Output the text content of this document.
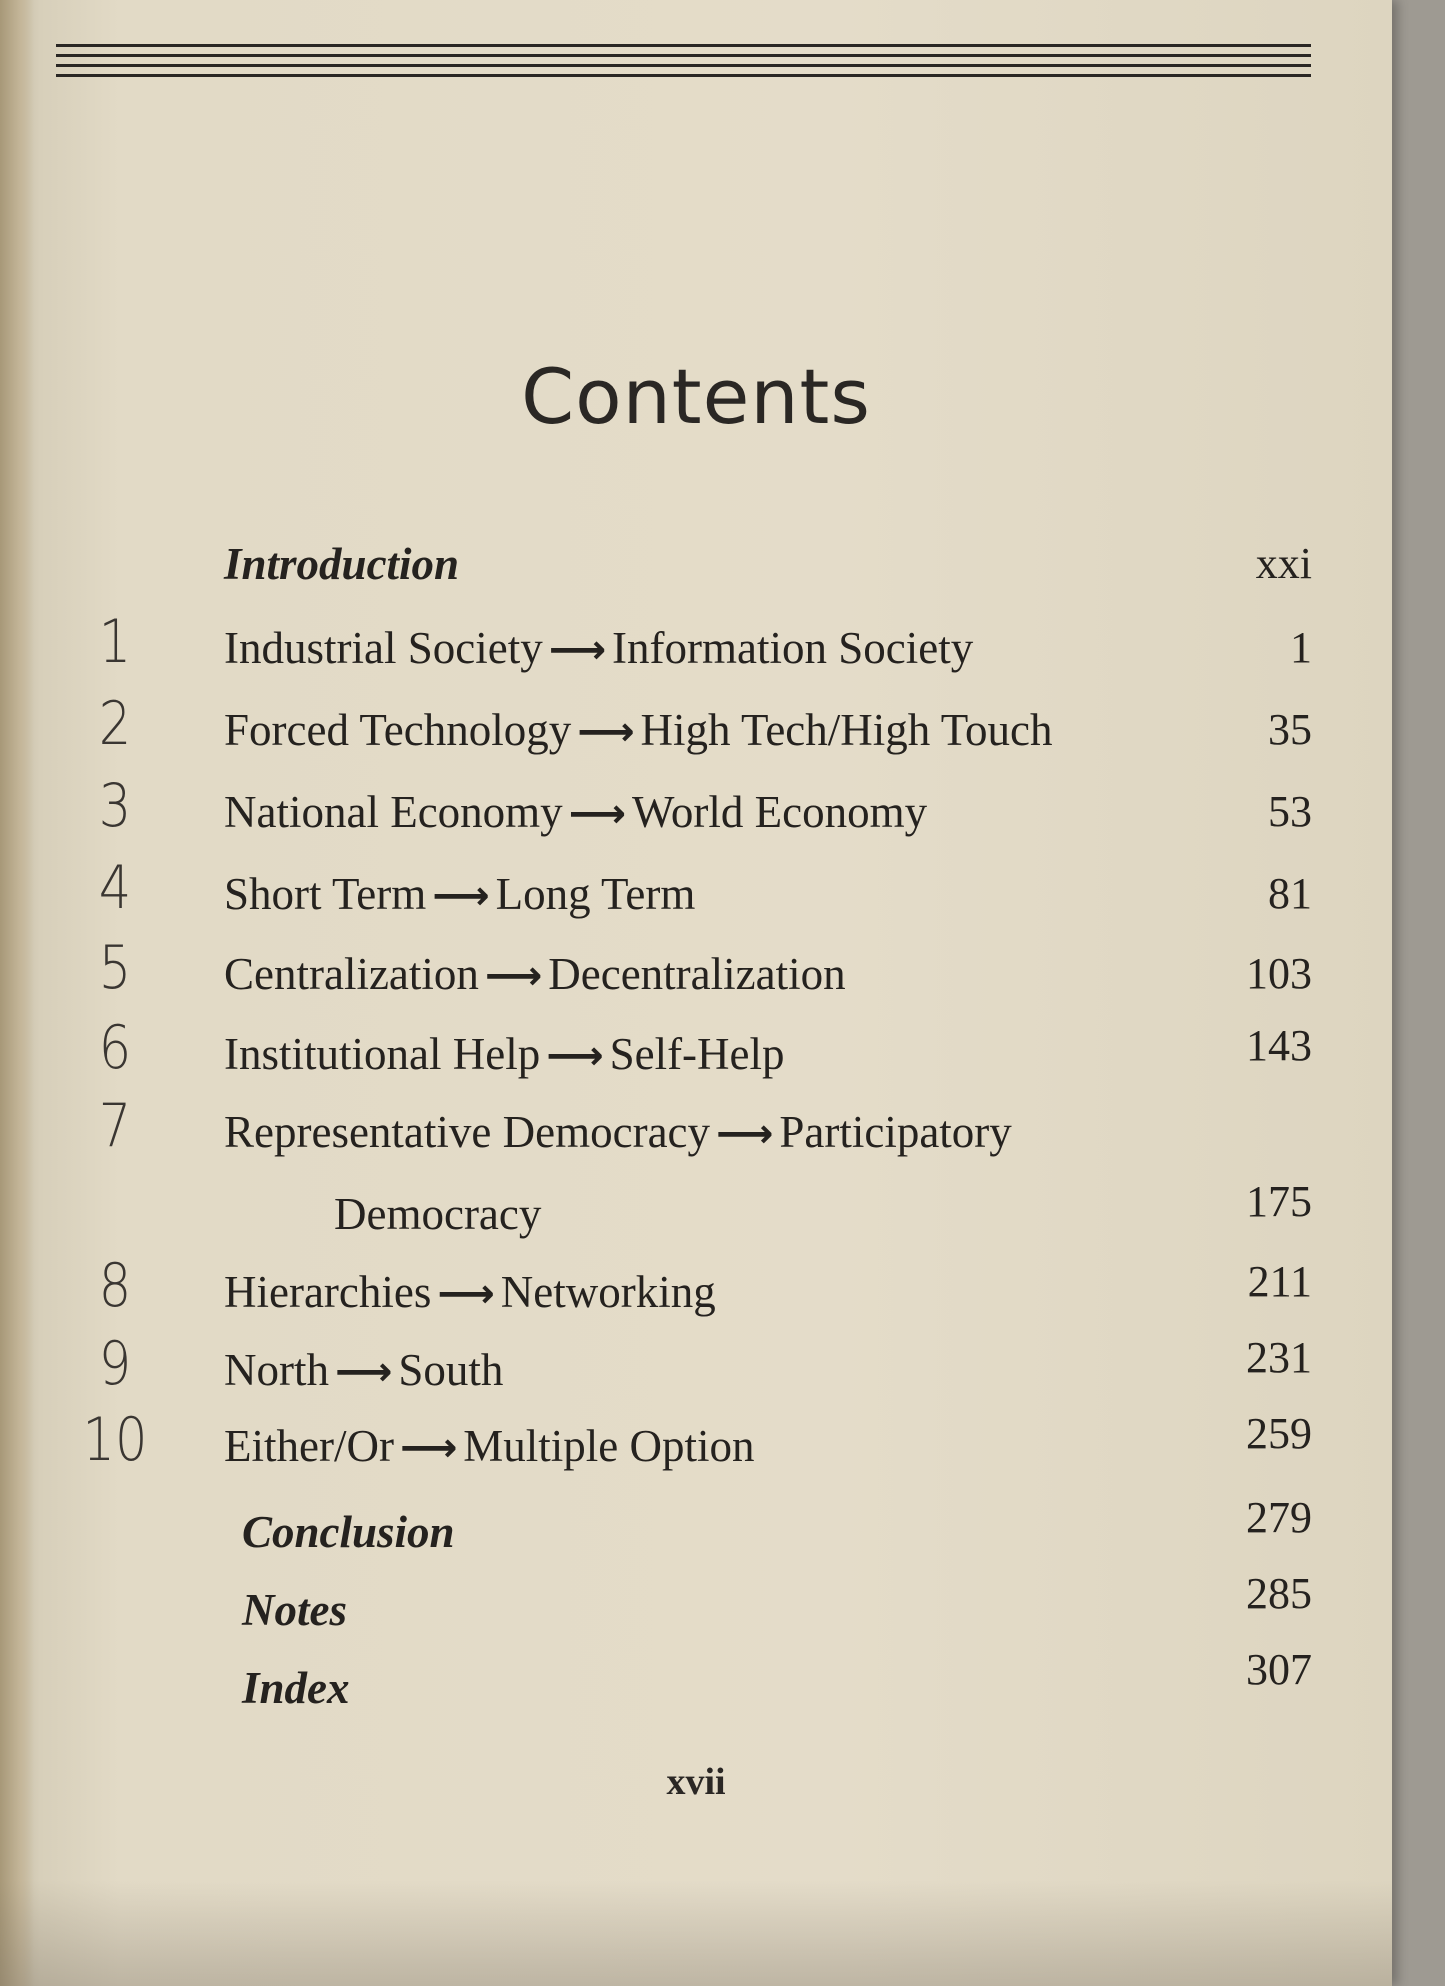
Contents
Introduction	xxi
1	Industrial Society ⟶ Information Society	1
2	Forced Technology ⟶ High Tech/High Touch	35
3	National Economy ⟶ World Economy	53
4	Short Term ⟶ Long Term	81
5	Centralization ⟶ Decentralization	103
6	Institutional Help ⟶ Self-Help	143
7	Representative Democracy ⟶ Participatory
Democracy	175
8	Hierarchies ⟶ Networking	211
9	North ⟶ South	231
10 Either/Or ⟶ Multiple Option	259
Conclusion	279
Notes	285
Index	307
xvii
